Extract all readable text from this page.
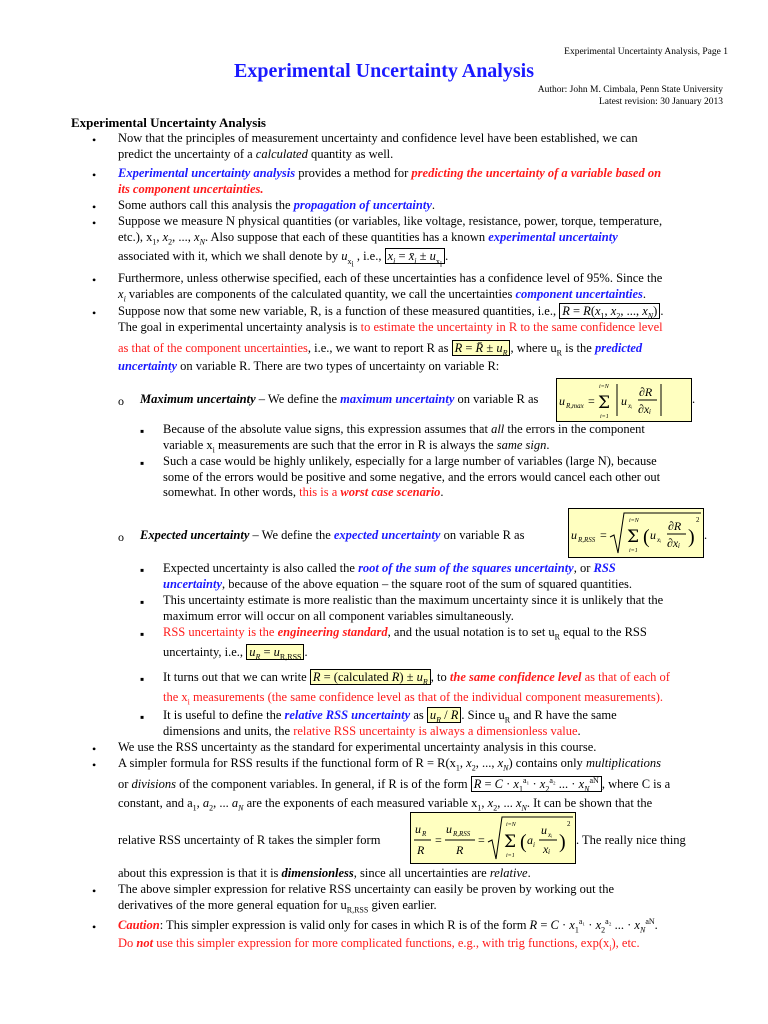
Experimental Uncertainty Analysis, Page 1
Experimental Uncertainty Analysis
Author: John M. Cimbala, Penn State University
Latest revision: 30 January 2013
Experimental Uncertainty Analysis
• Now that the principles of measurement uncertainty and confidence level have been established, we can
predict the uncertainty of a calculated quantity as well.
• Experimental uncertainty analysis provides a method for predicting the uncertainty of a variable based on
its component uncertainties.
• Some authors call this analysis the propagation of uncertainty.
• Suppose we measure N physical quantities (or variables, like voltage, resistance, power, torque, temperature,
etc.), $x_1$, $x_2$, ..., $x_N$. Also suppose that each of these quantities has a known experimental uncertainty
associated with it, which we shall denote by $u_{x_i}$ , i.e., $x_i$ = $x̄_i \pm u_{x_i}$.
• Furthermore, unless otherwise specified, each of these uncertainties has a confidence level of 95%. Since the
$x_i$ variables are components of the calculated quantity, we call the uncertainties component uncertainties.
• Suppose now that some new variable, R, is a function of these measured quantities, i.e., $R = R(x_1$, $x_2$, ..., $x_N$) .
The goal in experimental uncertainty analysis is to estimate the uncertainty in R to the same confidence level
as that of the component uncertainties, i.e., we want to report R as R = R̄ ± $u_R$ , where $u_R$ is the predicted
uncertainty on variable R. There are two types of uncertainty on variable R:
o Maximum uncertainty – We define the maximum uncertainty on variable R as	u R,max =
i=N
Σ
i=1
u xᵢ
∂R
∂xᵢ
.
▪ Because of the absolute value signs, this expression assumes that all the errors in the component
variable $x_i$ measurements are such that the error in R is always the same sign.
▪ Such a case would be highly unlikely, especially for a large number of variables (large N), because
some of the errors would be positive and some negative, and the errors would cancel each other out
somewhat. In other words, this is a worst case scenario.
o Expected uncertainty – We define the expected uncertainty on variable R as	u R,RSS =
i=N
Σ
i=1
( u xᵢ
∂R
∂xᵢ )
2
.
▪ Expected uncertainty is also called the root of the sum of the squares uncertainty, or RSS
uncertainty, because of the above equation – the square root of the sum of squared quantities.
▪ This uncertainty estimate is more realistic than the maximum uncertainty since it is unlikely that the
maximum error will occur on all component variables simultaneously.
▪ RSS uncertainty is the engineering standard, and the usual notation is to set $u_R$ equal to the RSS
uncertainty, i.e., $u_R = u_{R,RSS}$ .
▪ It turns out that we can write R = (calculated $R) \pm u_R$ , to the same confidence level as that of each of
the $x_i$ measurements (the same confidence level as that of the individual component measurements).
▪ It is useful to define the relative RSS uncertainty as $u_R$ / R . Since $u_R$ and R have the same
dimensions and units, the relative RSS uncertainty is always a dimensionless value.
• We use the RSS uncertainty as the standard for experimental uncertainty analysis in this course.
• A simpler formula for RSS results if the functional form of $R = R(x_1$, $x_2$, ..., $x_N$) contains only multiplications
or divisions of the component variables. In general, if R is of the form $R = C \cdot x_1^{a_1} \cdot x_2^{a_2}$ ... · $x_N^{aN}$ , where C is a
constant, and $a_1$, $a_2$, ... $a_N$ are the exponents of each measured variable $x_1$, $x_2$, ... $x_N$. It can be shown that the
relative RSS uncertainty of R takes the simpler form
u R
R
=
u R,RSS
R
=
i=N
Σ
i=1
( a i
u xᵢ
xᵢ )
2
. The really nice thing
about this expression is that it is dimensionless, since all uncertainties are relative.
• The above simpler expression for relative RSS uncertainty can easily be proven by working out the
derivatives of the more general equation for $u_{R,RSS}$ given earlier.
• Caution: This simpler expression is valid only for cases in which R is of the form $R = C \cdot x_1^{a_1} \cdot x_2^{a_2}$ ... · $x_N^{aN}$.
Do not use this simpler expression for more complicated functions, e.g., with trig functions, $\exp(x_i)$, etc.
